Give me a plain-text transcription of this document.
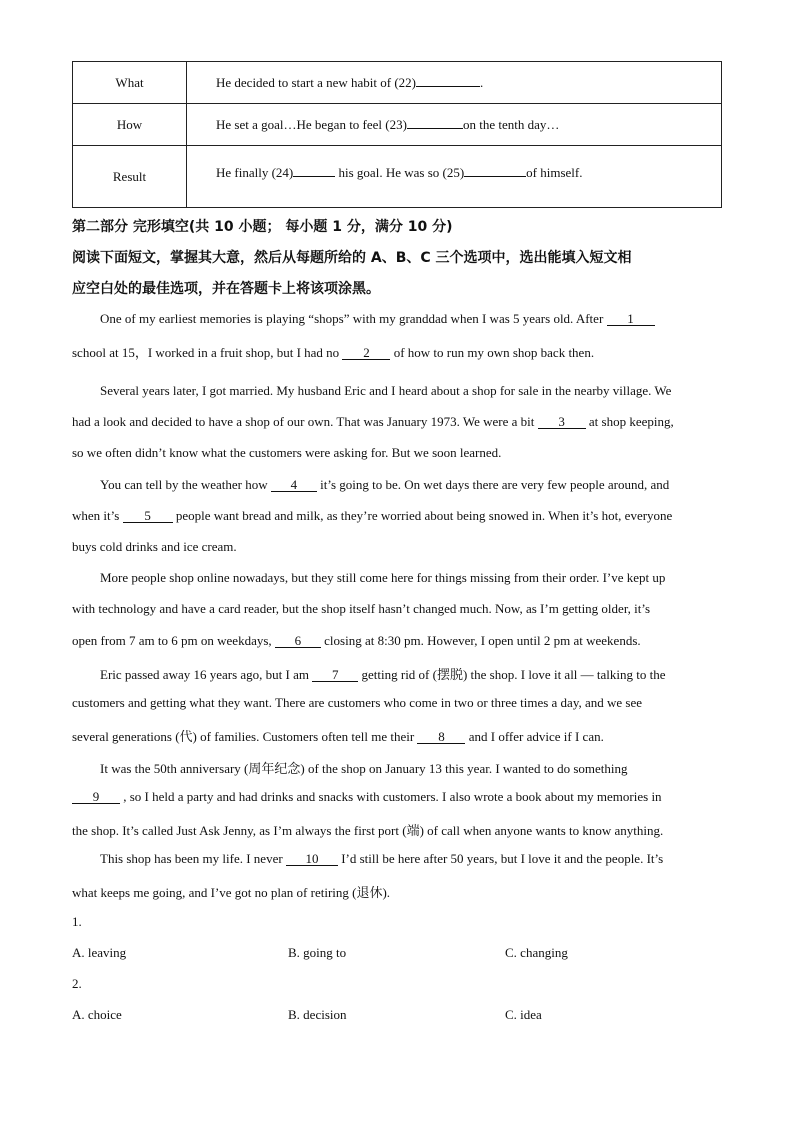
What	He decided to start a new habit of (22) .
How	He set a goal…He began to feel (23) on the tenth day…
Result	He finally (24) his goal. He was so (25) of himself.
第二部分 完形填空(共 10 小题； 每小题 1 分，满分 10 分)
阅读下面短文，掌握其大意，然后从每题所给的 A、B、C 三个选项中，选出能填入短文相
应空白处的最佳选项，并在答题卡上将该项涂黑。
One of my earliest memories is playing “shops” with my granddad when I was 5 years old. After 1
school at 15，I worked in a fruit shop, but I had no 2 of how to run my own shop back then.
Several years later, I got married. My husband Eric and I heard about a shop for sale in the nearby village. We
had a look and decided to have a shop of our own. That was January 1973. We were a bit 3 at shop keeping,
so we often didn’t know what the customers were asking for. But we soon learned.
You can tell by the weather how 4 it’s going to be. On wet days there are very few people around, and
when it’s 5 people want bread and milk, as they’re worried about being snowed in. When it’s hot, everyone
buys cold drinks and ice cream.
More people shop online nowadays, but they still come here for things missing from their order. I’ve kept up
with technology and have a card reader, but the shop itself hasn’t changed much. Now, as I’m getting older, it’s
open from 7 am to 6 pm on weekdays, 6 closing at 8:30 pm. However, I open until 2 pm at weekends.
Eric passed away 16 years ago, but I am 7 getting rid of (摆脱) the shop. I love it all — talking to the
customers and getting what they want. There are customers who come in two or three times a day, and we see
several generations (代) of families. Customers often tell me their 8 and I offer advice if I can.
It was the 50th anniversary (周年纪念) of the shop on January 13 this year. I wanted to do something
9 , so I held a party and had drinks and snacks with customers. I also wrote a book about my memories in
the shop. It’s called Just Ask Jenny, as I’m always the first port (端) of call when anyone wants to know anything.
This shop has been my life. I never 10 I’d still be here after 50 years, but I love it and the people. It’s
what keeps me going, and I’ve got no plan of retiring (退休).
1.
A. leaving	B. going to	C. changing
2.
A. choice	B. decision	C. idea
